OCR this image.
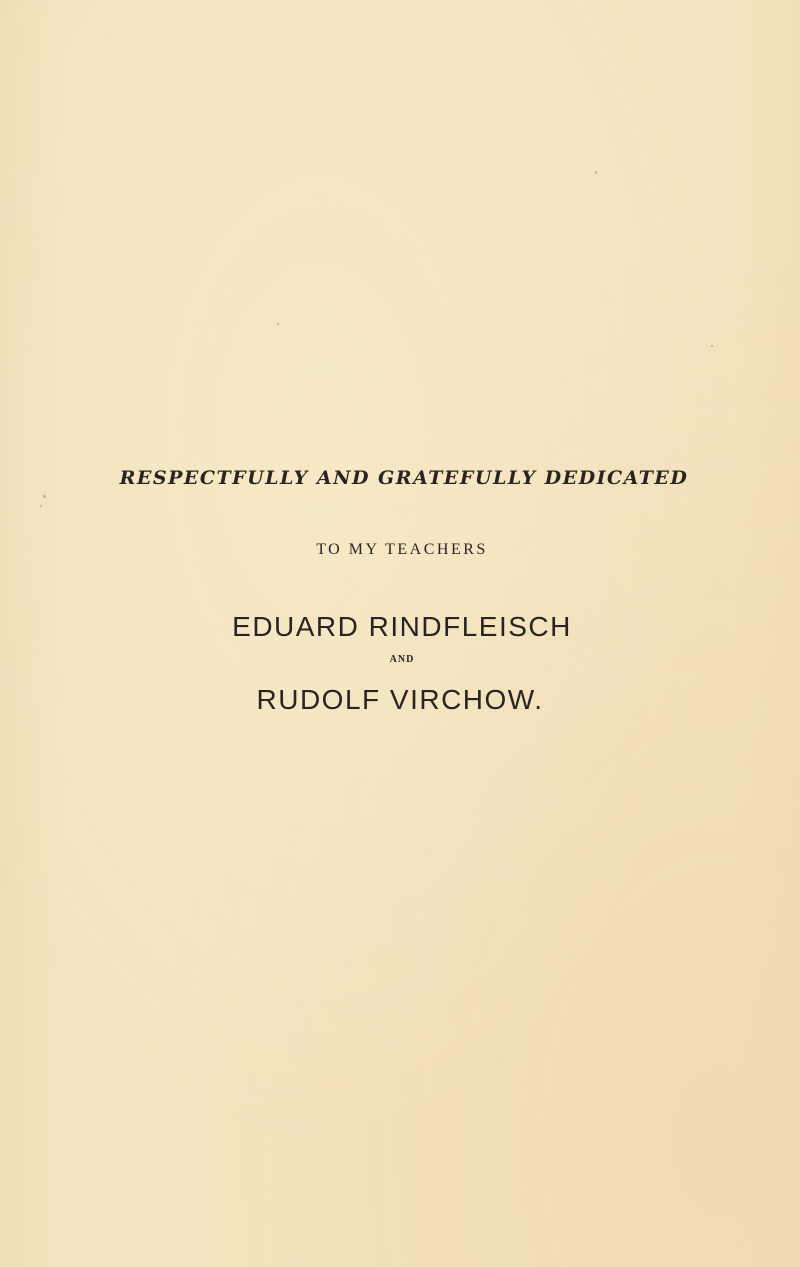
RESPECTFULLY AND GRATEFULLY DEDICATED
TO MY TEACHERS
EDUARD RINDFLEISCH
AND
RUDOLF VIRCHOW.
